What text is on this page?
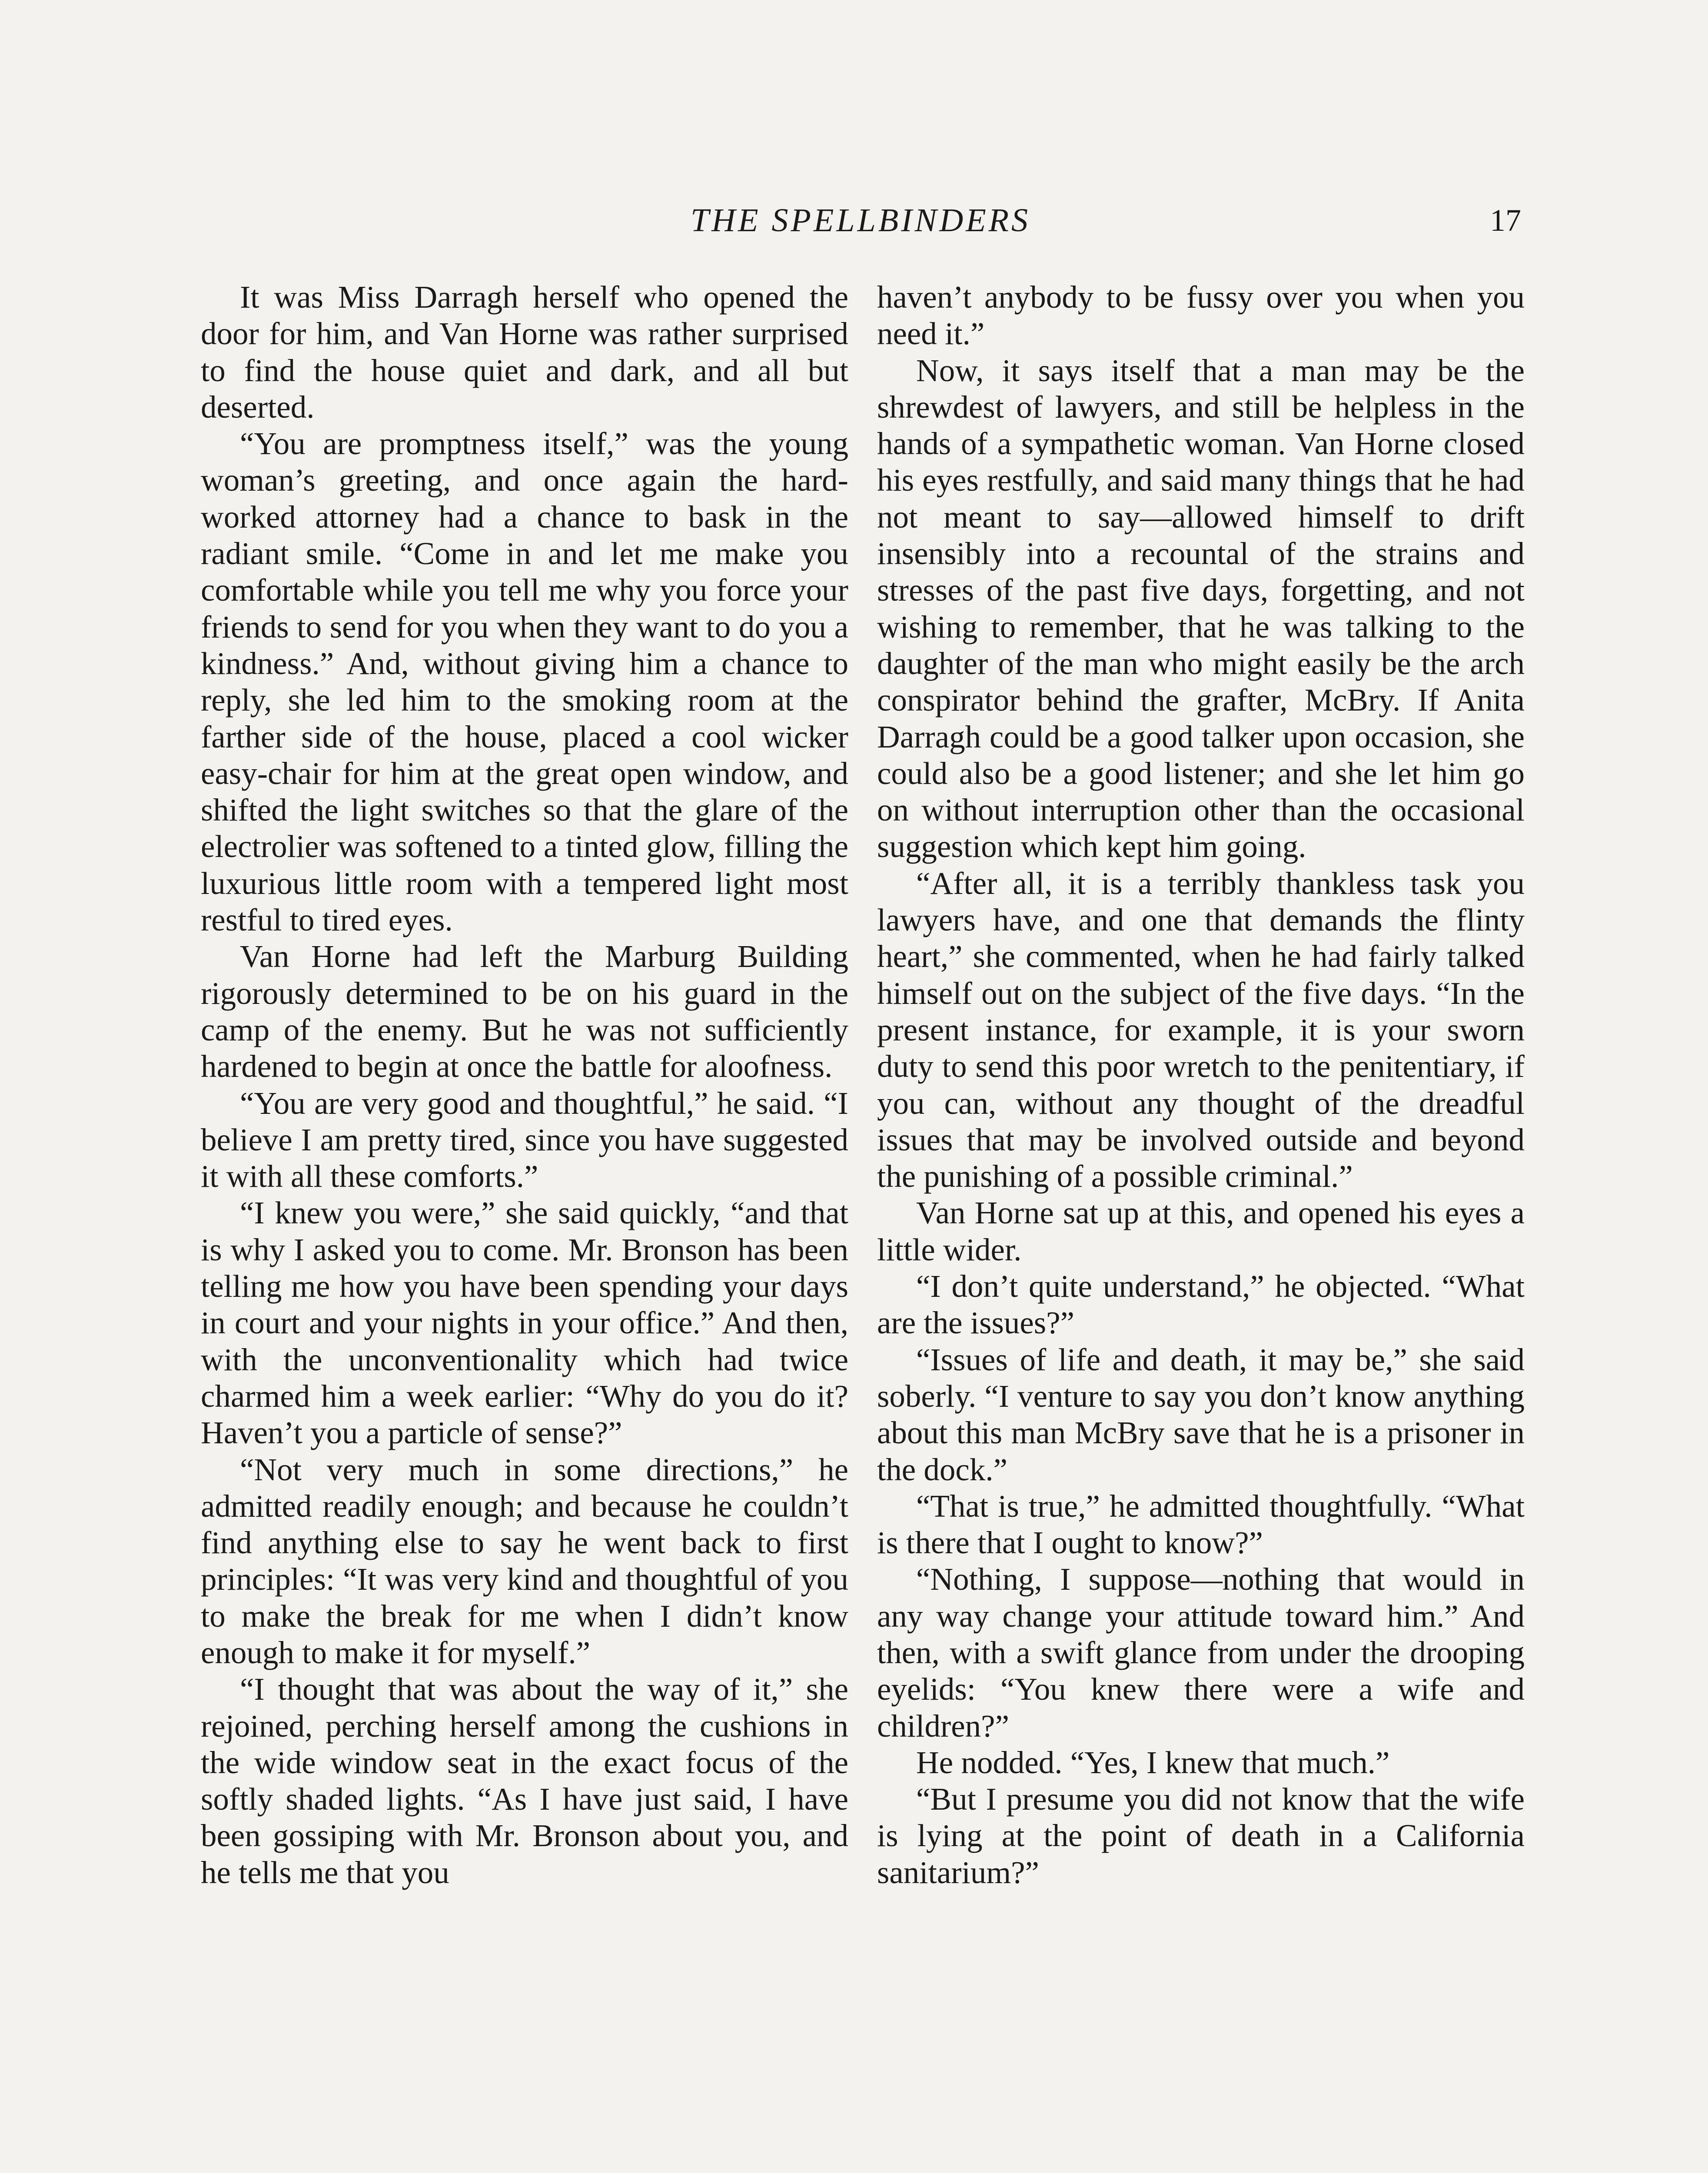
THE SPELLBINDERS	17

It was Miss Darragh herself who opened the door for him, and Van Horne was rather surprised to find the house quiet and dark, and all but deserted.

“You are promptness itself,” was the young woman’s greeting, and once again the hard-worked attorney had a chance to bask in the radiant smile. “Come in and let me make you comfortable while you tell me why you force your friends to send for you when they want to do you a kindness.” And, without giving him a chance to reply, she led him to the smoking room at the farther side of the house, placed a cool wicker easy-chair for him at the great open window, and shifted the light switches so that the glare of the electrolier was softened to a tinted glow, filling the luxurious little room with a tempered light most restful to tired eyes.

Van Horne had left the Marburg Building rigorously determined to be on his guard in the camp of the enemy. But he was not sufficiently hardened to begin at once the battle for aloofness.

“You are very good and thoughtful,” he said. “I believe I am pretty tired, since you have suggested it with all these comforts.”

“I knew you were,” she said quickly, “and that is why I asked you to come. Mr. Bronson has been telling me how you have been spending your days in court and your nights in your office.” And then, with the unconventionality which had twice charmed him a week earlier: “Why do you do it? Haven’t you a particle of sense?”

“Not very much in some directions,” he admitted readily enough; and because he couldn’t find anything else to say he went back to first principles: “It was very kind and thoughtful of you to make the break for me when I didn’t know enough to make it for myself.”

“I thought that was about the way of it,” she rejoined, perching herself among the cushions in the wide window seat in the exact focus of the softly shaded lights. “As I have just said, I have been gossiping with Mr. Bronson about you, and he tells me that you

haven’t anybody to be fussy over you when you need it.”

Now, it says itself that a man may be the shrewdest of lawyers, and still be helpless in the hands of a sympathetic woman. Van Horne closed his eyes restfully, and said many things that he had not meant to say—allowed himself to drift insensibly into a recountal of the strains and stresses of the past five days, forgetting, and not wishing to remember, that he was talking to the daughter of the man who might easily be the arch conspirator behind the grafter, McBry. If Anita Darragh could be a good talker upon occasion, she could also be a good listener; and she let him go on without interruption other than the occasional suggestion which kept him going.

“After all, it is a terribly thankless task you lawyers have, and one that demands the flinty heart,” she commented, when he had fairly talked himself out on the subject of the five days. “In the present instance, for example, it is your sworn duty to send this poor wretch to the penitentiary, if you can, without any thought of the dreadful issues that may be involved outside and beyond the punishing of a possible criminal.”

Van Horne sat up at this, and opened his eyes a little wider.

“I don’t quite understand,” he objected. “What are the issues?”

“Issues of life and death, it may be,” she said soberly. “I venture to say you don’t know anything about this man McBry save that he is a prisoner in the dock.”

“That is true,” he admitted thoughtfully. “What is there that I ought to know?”

“Nothing, I suppose—nothing that would in any way change your attitude toward him.” And then, with a swift glance from under the drooping eyelids: “You knew there were a wife and children?”

He nodded. “Yes, I knew that much.”

“But I presume you did not know that the wife is lying at the point of death in a California sanitarium?”
